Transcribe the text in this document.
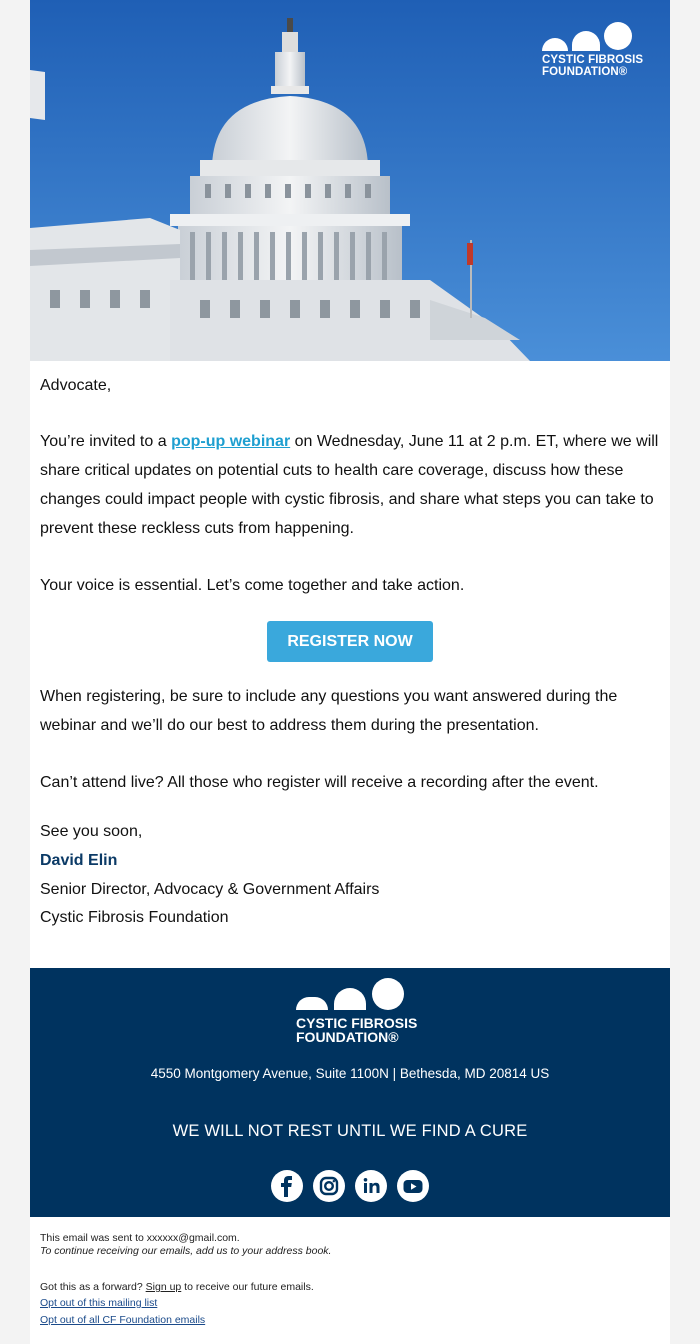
CYSTIC FIBROSIS
FOUNDATION®
Advocate,
You’re invited to a pop-up webinar on Wednesday, June 11 at 2 p.m. ET, where we will share critical updates on potential cuts to health care coverage, discuss how these changes could impact people with cystic fibrosis, and share what steps you can take to prevent these reckless cuts from happening.
Your voice is essential. Let’s come together and take action.
REGISTER NOW
When registering, be sure to include any questions you want answered during the webinar and we’ll do our best to address them during the presentation.
Can’t attend live? All those who register will receive a recording after the event.
See you soon,
David Elin
Senior Director, Advocacy & Government Affairs
Cystic Fibrosis Foundation
CYSTIC FIBROSIS
FOUNDATION®
4550 Montgomery Avenue, Suite 1100N | Bethesda, MD 20814 US
WE WILL NOT REST UNTIL WE FIND A CURE
This email was sent to xxxxxx@gmail.com.
To continue receiving our emails, add us to your address book.
Got this as a forward? Sign up to receive our future emails.
Opt out of this mailing list
Opt out of all CF Foundation emails
